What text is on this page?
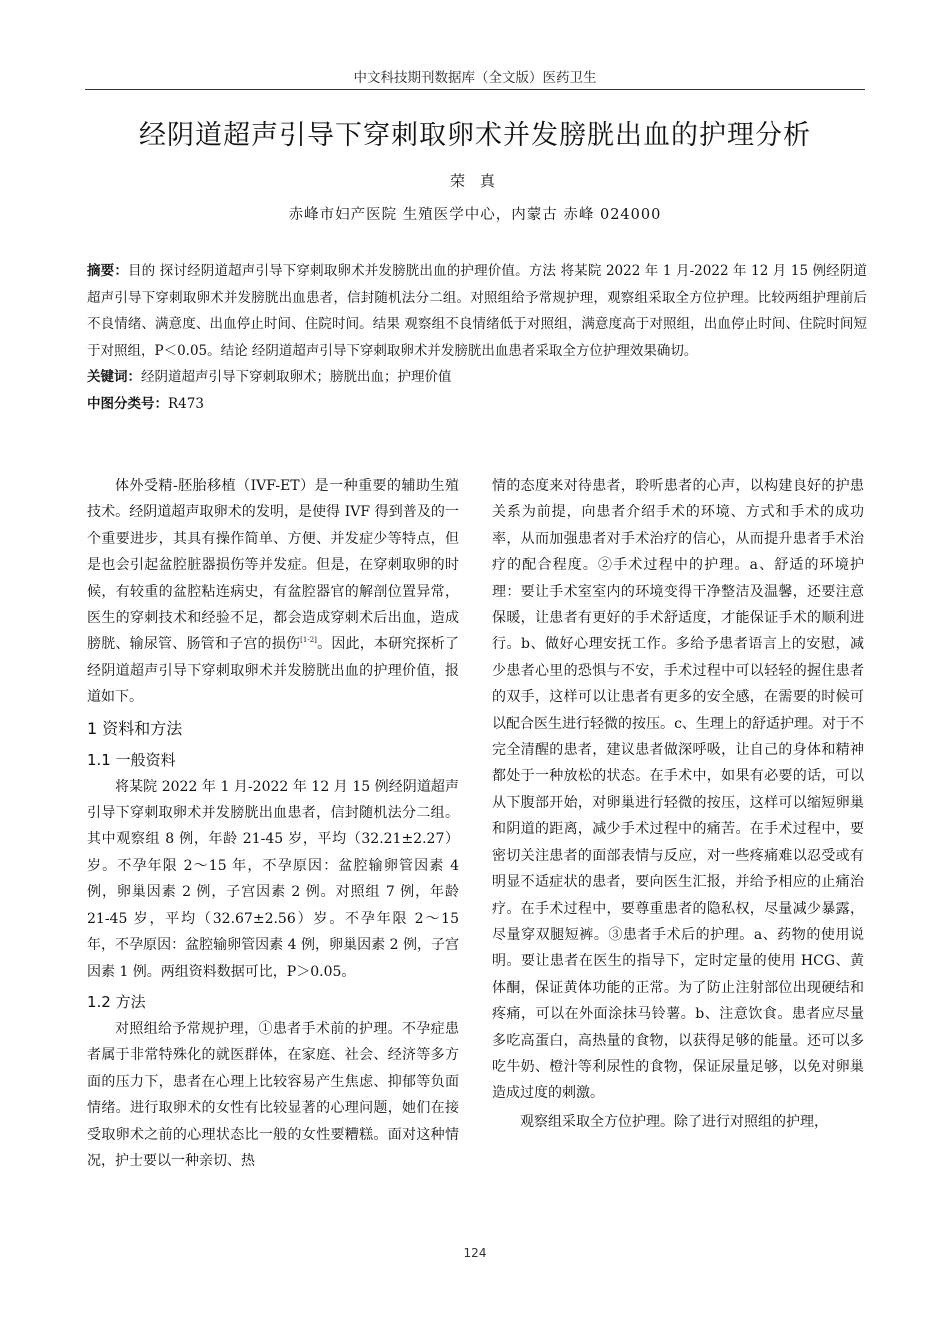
中文科技期刊数据库（全文版）医药卫生
经阴道超声引导下穿刺取卵术并发膀胱出血的护理分析
荣 真
赤峰市妇产医院 生殖医学中心，内蒙古 赤峰 024000

摘要：目的 探讨经阴道超声引导下穿刺取卵术并发膀胱出血的护理价值。方法 将某院 2022 年 1 月-2022 年 12 月 15 例经阴道超声引导下穿刺取卵术并发膀胱出血患者，信封随机法分二组。对照组给予常规护理，观察组采取全方位护理。比较两组护理前后不良情绪、满意度、出血停止时间、住院时间。结果 观察组不良情绪低于对照组，满意度高于对照组，出血停止时间、住院时间短于对照组，P＜0.05。结论 经阴道超声引导下穿刺取卵术并发膀胱出血患者采取全方位护理效果确切。

关键词：经阴道超声引导下穿刺取卵术；膀胱出血；护理价值

中图分类号：R473

体外受精-胚胎移植（IVF-ET）是一种重要的辅助生殖技术。经阴道超声取卵术的发明，是使得 IVF 得到普及的一个重要进步，其具有操作简单、方便、并发症少等特点，但是也会引起盆腔脏器损伤等并发症。但是，在穿刺取卵的时候，有较重的盆腔粘连病史，有盆腔器官的解剖位置异常，医生的穿刺技术和经验不足，都会造成穿刺术后出血，造成膀胱、输尿管、肠管和子宫的损伤[1-2]。因此，本研究探析了经阴道超声引导下穿刺取卵术并发膀胱出血的护理价值，报道如下。

1 资料和方法

1.1 一般资料

将某院 2022 年 1 月-2022 年 12 月 15 例经阴道超声引导下穿刺取卵术并发膀胱出血患者，信封随机法分二组。其中观察组 8 例，年龄 21-45 岁，平均（32.21±2.27）岁。不孕年限 2～15 年，不孕原因：盆腔输卵管因素 4 例，卵巢因素 2 例，子宫因素 2 例。对照组 7 例，年龄 21-45 岁，平均（32.67±2.56）岁。不孕年限 2～15 年，不孕原因：盆腔输卵管因素 4 例，卵巢因素 2 例，子宫因素 1 例。两组资料数据可比，P＞0.05。

1.2 方法

对照组给予常规护理，①患者手术前的护理。不孕症患者属于非常特殊化的就医群体，在家庭、社会、经济等多方面的压力下，患者在心理上比较容易产生焦虑、抑郁等负面情绪。进行取卵术的女性有比较显著的心理问题，她们在接受取卵术之前的心理状态比一般的女性要糟糕。面对这种情况，护士要以一种亲切、热

情的态度来对待患者，聆听患者的心声，以构建良好的护患关系为前提，向患者介绍手术的环境、方式和手术的成功率，从而加强患者对手术治疗的信心，从而提升患者手术治疗的配合程度。②手术过程中的护理。a、舒适的环境护理：要让手术室室内的环境变得干净整洁及温馨，还要注意保暖，让患者有更好的手术舒适度，才能保证手术的顺利进行。b、做好心理安抚工作。多给予患者语言上的安慰，减少患者心里的恐惧与不安，手术过程中可以轻轻的握住患者的双手，这样可以让患者有更多的安全感，在需要的时候可以配合医生进行轻微的按压。c、生理上的舒适护理。对于不完全清醒的患者，建议患者做深呼吸，让自己的身体和精神都处于一种放松的状态。在手术中，如果有必要的话，可以从下腹部开始，对卵巢进行轻微的按压，这样可以缩短卵巢和阴道的距离，减少手术过程中的痛苦。在手术过程中，要密切关注患者的面部表情与反应，对一些疼痛难以忍受或有明显不适症状的患者，要向医生汇报，并给予相应的止痛治疗。在手术过程中，要尊重患者的隐私权，尽量减少暴露，尽量穿双腿短裤。③患者手术后的护理。a、药物的使用说明。要让患者在医生的指导下，定时定量的使用 HCG、黄体酮，保证黄体功能的正常。为了防止注射部位出现硬结和疼痛，可以在外面涂抹马铃薯。b、注意饮食。患者应尽量多吃高蛋白，高热量的食物，以获得足够的能量。还可以多吃牛奶、橙汁等利尿性的食物，保证尿量足够，以免对卵巢造成过度的刺激。

观察组采取全方位护理。除了进行对照组的护理，

124
